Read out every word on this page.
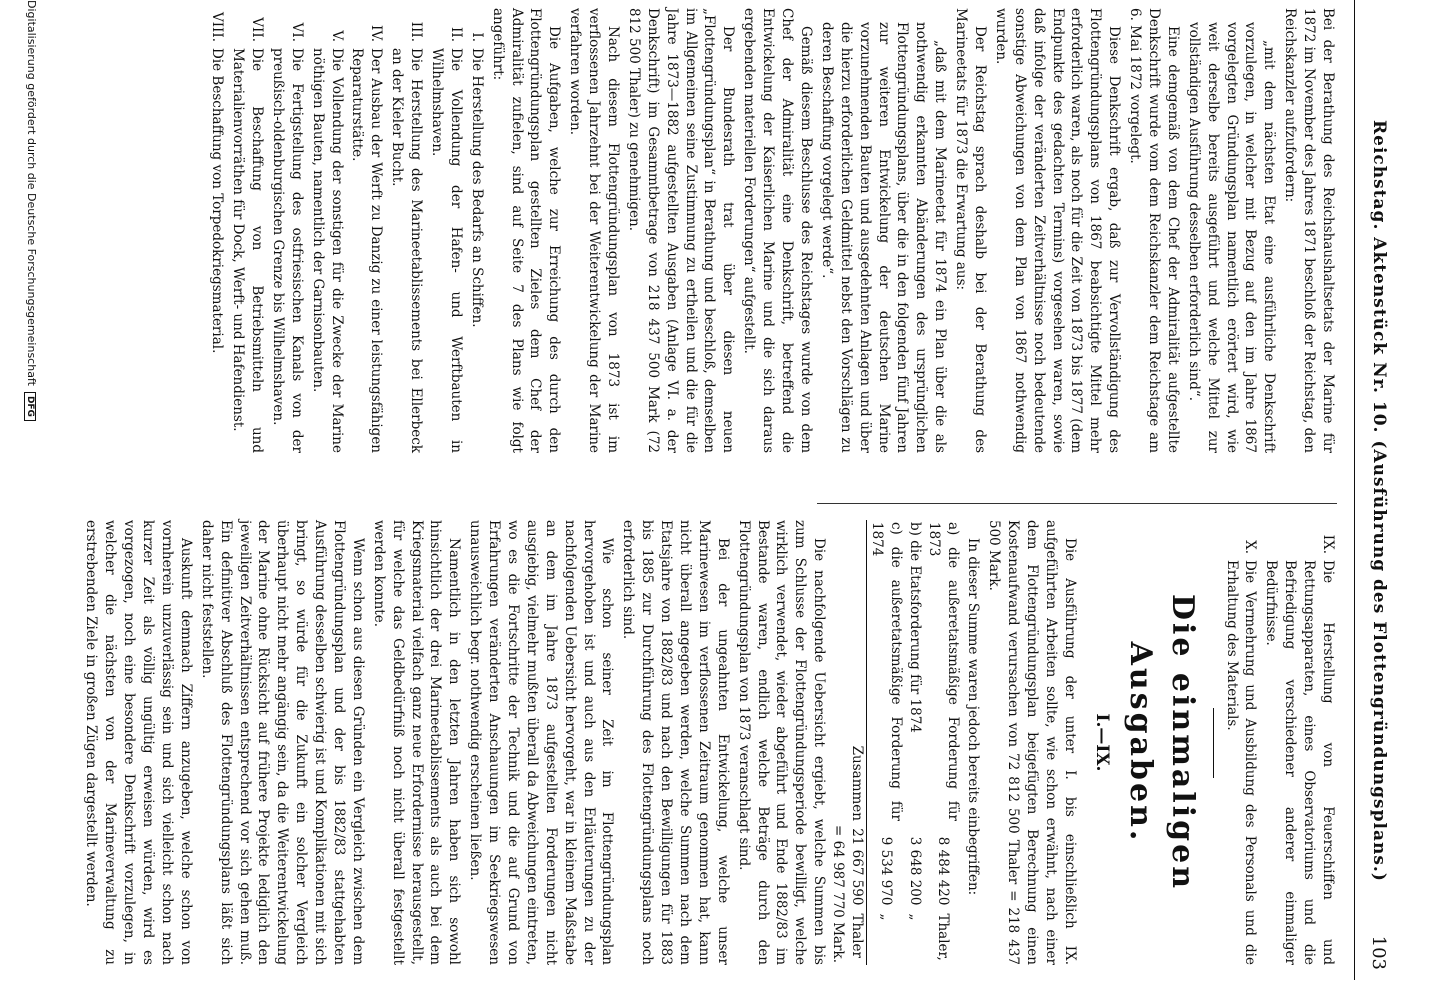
Reichstag. Aktenstück Nr. 10. (Ausführung des Flottengründungsplans.)
103

Bei der Berathung des Reichshaushaltsetats der Marine für 1872 im November des Jahres 1871 beschloß der Reichstag, den Reichskanzler aufzufordern:

„mit dem nächsten Etat eine ausführliche Denkschrift vorzulegen, in welcher mit Bezug auf den im Jahre 1867 vorgelegten Gründungsplan namentlich erörtert wird, wie weit derselbe bereits ausgeführt und welche Mittel zur vollständigen Ausführung desselben erforderlich sind“.

Eine demgemäß von dem Chef der Admiralität aufgestellte Denkschrift wurde vom dem Reichskanzler dem Reichstage am 6. Mai 1872 vorgelegt.

Diese Denkschrift ergab, daß zur Vervollständigung des Flottengründungsplans von 1867 beabsichtigte Mittel mehr erforderlich waren, als noch für die Zeit von 1873 bis 1877 (dem Endpunkte des gedachten Termins) vorgesehen waren, sowie daß infolge der veränderten Zeitverhältnisse noch bedeutende sonstige Abweichungen von dem Plan von 1867 nothwendig wurden.

Der Reichstag sprach deshalb bei der Berathung des Marineetats für 1873 die Erwartung aus:

„daß mit dem Marineetat für 1874 ein Plan über die als nothwendig erkannten Abänderungen des ursprünglichen Flottengründungsplans, über die in den folgenden fünf Jahren zur weiteren Entwickelung der deutschen Marine vorzunehmenden Bauten und ausgedehnten Anlagen und über die hierzu erforderlichen Geldmittel nebst den Vorschlägen zu deren Beschaffung vorgelegt werde“.

Gemäß diesem Beschlusse des Reichstages wurde von dem Chef der Admiralität eine Denkschrift, betreffend die Entwickelung der Kaiserlichen Marine und die sich daraus ergebenden materiellen Forderungen“ aufgestellt.

Der Bundesrath trat über diesen neuen „Flottengründungsplan“ in Berathung und beschloß, demselben im Allgemeinen seine Zustimmung zu ertheilen und die für die Jahre 1873—1882 aufgestellten Ausgaben (Anlage VI. a. der Denkschrift) im Gesammtbetrage von 218 437 500 Mark (72 812 500 Thaler) zu genehmigen.

Nach diesem Flottengründungsplan von 1873 ist im verflossenen Jahrzehnt bei der Weiterentwickelung der Marine verfahren worden.

Die Aufgaben, welche zur Erreichung des durch den Flottengründungsplan gestellten Zieles dem Chef der Admiralität zufielen, sind auf Seite 7 des Plans wie folgt angeführt:

I.
Die Herstellung des Bedarfs an Schiffen.
II.
Die Vollendung der Hafen- und Werftbauten in Wilhelmshaven.
III.
Die Herstellung des Marineetablissements bei Ellerbeck an der Kieler Bucht.
IV.
Der Ausbau der Werft zu Danzig zu einer leistungsfähigen Reparaturstätte.
V.
Die Vollendung der sonstigen für die Zwecke der Marine nöthigen Bauten, namentlich der Garnisonbauten.
VI.
Die Fertigstellung des ostfriesischen Kanals von der preußisch-oldenburgischen Grenze bis Wilhelmshaven.
VII.
Die Beschaffung von Betriebsmitteln und Materialienvorräthen für Dock, Werft- und Hafendienst.
VIII.
Die Beschaffung von Torpedokriegsmaterial.
IX.
Die Herstellung von Feuerschiffen und Rettungsapparaten, eines Observatoriums und die Befriedigung verschiedener anderer einmaliger Bedürfnisse.
X.
Die Vermehrung und Ausbildung des Personals und die Erhaltung des Materials.
Die einmaligen Ausgaben.
I.—IX.

Die Ausführung der unter I. bis einschließlich IX. aufgeführten Arbeiten sollte, wie schon erwähnt, nach einer dem Flottengründungsplan beigefügten Berechnung einen Kostenaufwand verursachen von 72 812 500 Thaler = 218 437 500 Mark.

In dieser Summe waren jedoch bereits einbegriffen:

a) die außeretatsmäßige Forderung für 1873	8 484 420	Thaler,
b) die Etatsforderung für 1874	3 648 200	„
c) die außeretatsmäßige Forderung für 1874	9 534 970	„
Zusammen	21 667 590	Thaler
	= 64 987 770 Mark.	

Die nachfolgende Uebersicht ergiebt, welche Summen bis zum Schlusse der Flottengründungsperiode bewilligt, welche wirklich verwendet, wieder abgeführt und Ende 1882/83 im Bestande waren, endlich welche Beträge durch den Flottengründungsplan von 1873 veranschlagt sind.

Bei der ungeahnten Entwickelung, welche unser Marinewesen im verflossenen Zeitraum genommen hat, kann nicht überall angegeben werden, welche Summen nach dem Etatsjahre von 1882/83 und nach den Bewilligungen für 1883 bis 1885 zur Durchführung des Flottengründungsplans noch erforderlich sind.

Wie schon seiner Zeit im Flottengründungsplan hervorgehoben ist und auch aus den Erläuterungen zu der nachfolgenden Uebersicht hervorgeht, war in kleinem Maßstabe an dem im Jahre 1873 aufgestellten Forderungen nicht ausgiebig, vielmehr mußten überall da Abweichungen eintreten, wo es die Fortschritte der Technik und die auf Grund von Erfahrungen veränderten Anschauungen im Seekriegswesen unausweichlich begr. nothwendig erscheinen ließen.

Namentlich in den letzten Jahren haben sich sowohl hinsichtlich der drei Marineetablissements als auch bei dem Kriegsmaterial vielfach ganz neue Erfordernisse herausgestellt, für welche das Geldbedürfniß noch nicht überall festgestellt werden konnte.

Wenn schon aus diesen Gründen ein Vergleich zwischen dem Flottengründungsplan und der bis 1882/83 stattgehabten Ausführung desselben schwierig ist und Komplikationen mit sich bringt, so würde für die Zukunft ein solcher Vergleich überhaupt nicht mehr angängig sein, da die Weiterentwickelung der Marine ohne Rücksicht auf frühere Projekte lediglich den jeweiligen Zeitverhältnissen entsprechend vor sich gehen muß. Ein definitiver Abschluß des Flottengründungsplans läßt sich daher nicht feststellen.

Auskunft demnach Ziffern anzugeben, welche schon von vornherein unzuverlässig sein und sich vielleicht schon nach kurzer Zeit als völlig ungültig erweisen würden, wird es vorgezogen, noch eine besondere Denkschrift vorzulegen, in welcher die nächsten von der Marineverwaltung zu erstrebenden Ziele in großen Zügen dargestellt werden.

Digitalisierung gefördert durch die Deutsche ForschungsgemeinschaftDFG
